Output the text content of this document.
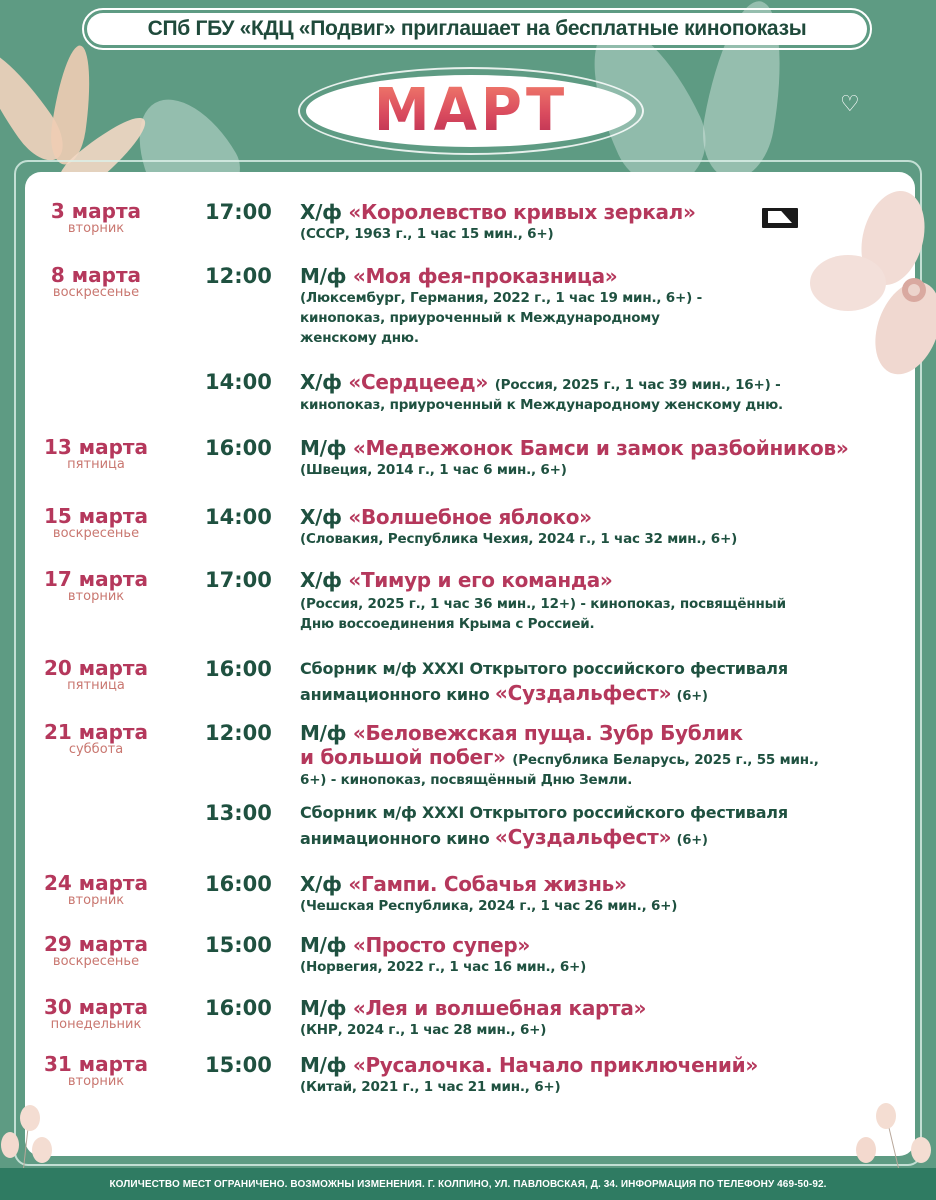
СПб ГБУ «КДЦ «Подвиг» приглашает на бесплатные кинопоказы
МАРТ	♡
3 марта
вторник
17:00 Х/ф «Королевство кривых зеркал»
(СССР, 1963 г., 1 час 15 мин., 6+)
8 марта
воскресенье
12:00 М/ф «Моя фея-проказница»
(Люксембург, Германия, 2022 г., 1 час 19 мин., 6+) -
кинопоказ, приуроченный к Международному
женскому дню.
14:00 Х/ф «Сердцеед» (Россия, 2025 г., 1 час 39 мин., 16+) -
кинопоказ, приуроченный к Международному женскому дню.
13 марта
пятница
16:00 М/ф «Медвежонок Бамси и замок разбойников»
(Швеция, 2014 г., 1 час 6 мин., 6+)
15 марта
воскресенье
14:00 Х/ф «Волшебное яблоко»
(Словакия, Республика Чехия, 2024 г., 1 час 32 мин., 6+)
17 марта
вторник
17:00 Х/ф «Тимур и его команда»
(Россия, 2025 г., 1 час 36 мин., 12+) - кинопоказ, посвящённый
Дню воссоединения Крыма с Россией.
20 марта
пятница
16:00 Сборник м/ф XXXI Открытого российского фестиваля
анимационного кино «Суздальфест» (6+)
21 марта
суббота
12:00 М/ф «Беловежская пуща. Зубр Бублик
и большой побег» (Республика Беларусь, 2025 г., 55 мин.,
6+) - кинопоказ, посвящённый Дню Земли.
13:00 Сборник м/ф XXXI Открытого российского фестиваля
анимационного кино «Суздальфест» (6+)
24 марта
вторник
16:00 Х/ф «Гампи. Собачья жизнь»
(Чешская Республика, 2024 г., 1 час 26 мин., 6+)
29 марта
воскресенье
15:00 М/ф «Просто супер»
(Норвегия, 2022 г., 1 час 16 мин., 6+)
30 марта
понедельник
16:00 М/ф «Лея и волшебная карта»
(КНР, 2024 г., 1 час 28 мин., 6+)
31 марта
вторник
15:00 М/ф «Русалочка. Начало приключений»
(Китай, 2021 г., 1 час 21 мин., 6+)
КОЛИЧЕСТВО МЕСТ ОГРАНИЧЕНО. ВОЗМОЖНЫ ИЗМЕНЕНИЯ. Г. КОЛПИНО, УЛ. ПАВЛОВСКАЯ, Д. 34. ИНФОРМАЦИЯ ПО ТЕЛЕФОНУ 469-50-92.
